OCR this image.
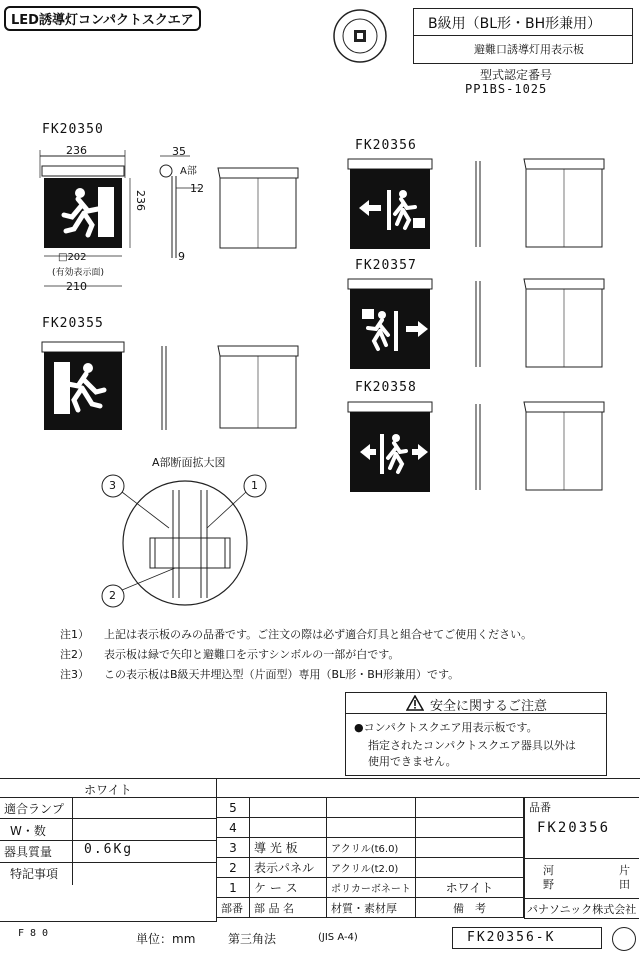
LED誘導灯コンパクトスクエア	B級用（BL形・BH形兼用）
避難口誘導灯用表示板
型式認定番号
PP1BS-1025
FK20350
236
236
□202
(有効表示面)
210
35
A部
12
9
FK20355
FK20356
FK20357
FK20358
A部断面拡大図
3	1
2
注1） 上記は表示板のみの品番です。ご注文の際は必ず適合灯具と組合せてご使用ください。
注2） 表示板は緑で矢印と避難口を示すシンボルの一部が白です。
注3） この表示板はB級天井埋込型（片面型）専用（BL形・BH形兼用）です。
安全に関するご注意
●コンパクトスクエア用表示板です。
指定されたコンパクトスクエア器具以外は
使用できません。
ホワイト
適合ランプ
W・数
器具質量 0.6Kg
特記事項
5			
4			
3	導 光 板	アクリル(t6.0)	
2	表示パネル	アクリル(t2.0)	
1	ケ ー ス	ポリカーボネート	ホワイト
部番	部 品 名	材質・素材厚	備　考
品番
FK20356
河
野
片
田
パナソニック株式会社
F80	単位：mm	第三角法	(JIS A-4)	FK20356-K
